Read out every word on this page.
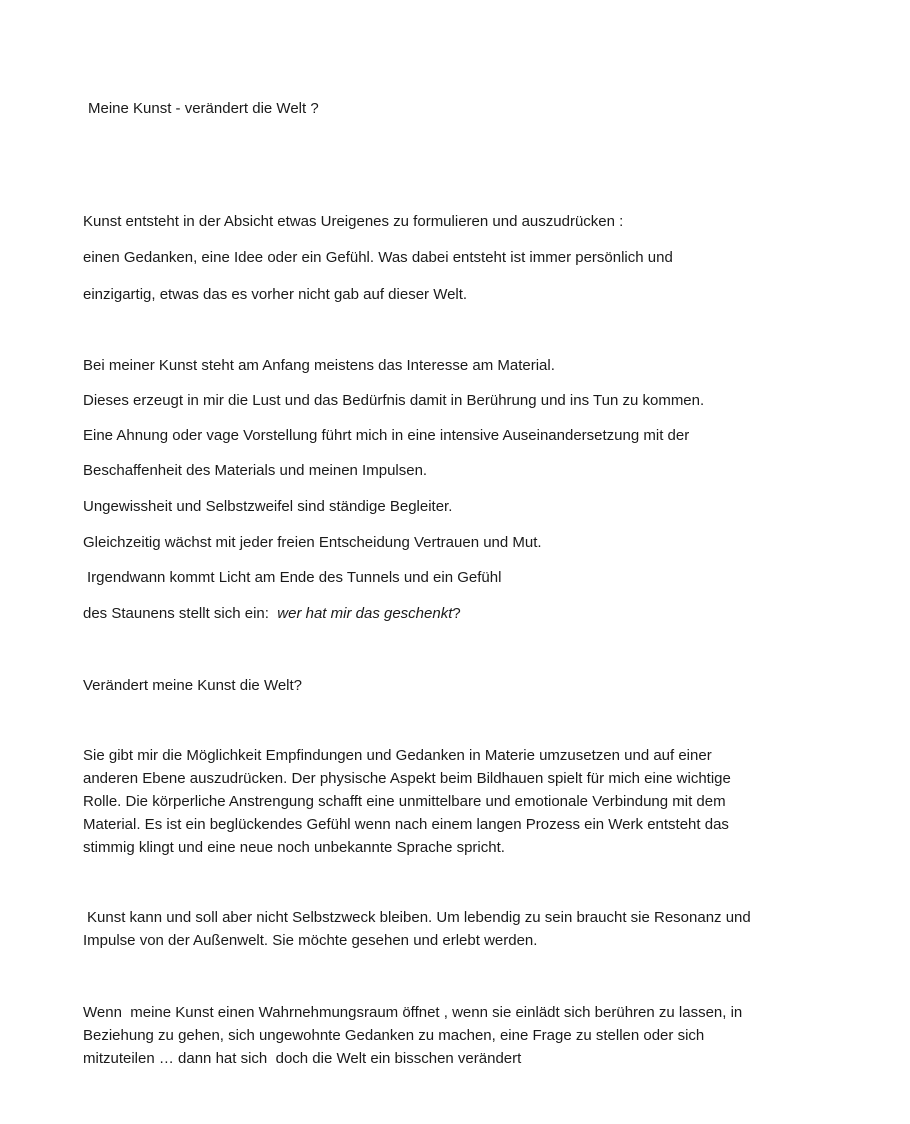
Meine Kunst - verändert die Welt ?
Kunst entsteht in der Absicht etwas Ureigenes zu formulieren und auszudrücken :
einen Gedanken, eine Idee oder ein Gefühl. Was dabei entsteht ist immer persönlich und
einzigartig, etwas das es vorher nicht gab auf dieser Welt.
Bei meiner Kunst steht am Anfang meistens das Interesse am Material.
Dieses erzeugt in mir die Lust und das Bedürfnis damit in Berührung und ins Tun zu kommen.
Eine Ahnung oder vage Vorstellung führt mich in eine intensive Auseinandersetzung mit der
Beschaffenheit des Materials und meinen Impulsen.
Ungewissheit und Selbstzweifel sind ständige Begleiter.
Gleichzeitig wächst mit jeder freien Entscheidung Vertrauen und Mut.
Irgendwann kommt Licht am Ende des Tunnels und ein Gefühl
des Staunens stellt sich ein:  wer hat mir das geschenkt?
Verändert meine Kunst die Welt?
Sie gibt mir die Möglichkeit Empfindungen und Gedanken in Materie umzusetzen und auf einer
anderen Ebene auszudrücken. Der physische Aspekt beim Bildhauen spielt für mich eine wichtige
Rolle. Die körperliche Anstrengung schafft eine unmittelbare und emotionale Verbindung mit dem
Material. Es ist ein beglückendes Gefühl wenn nach einem langen Prozess ein Werk entsteht das
stimmig klingt und eine neue noch unbekannte Sprache spricht.
Kunst kann und soll aber nicht Selbstzweck bleiben. Um lebendig zu sein braucht sie Resonanz und
Impulse von der Außenwelt. Sie möchte gesehen und erlebt werden.
Wenn  meine Kunst einen Wahrnehmungsraum öffnet , wenn sie einlädt sich berühren zu lassen, in
Beziehung zu gehen, sich ungewohnte Gedanken zu machen, eine Frage zu stellen oder sich
mitzuteilen … dann hat sich  doch die Welt ein bisschen verändert
